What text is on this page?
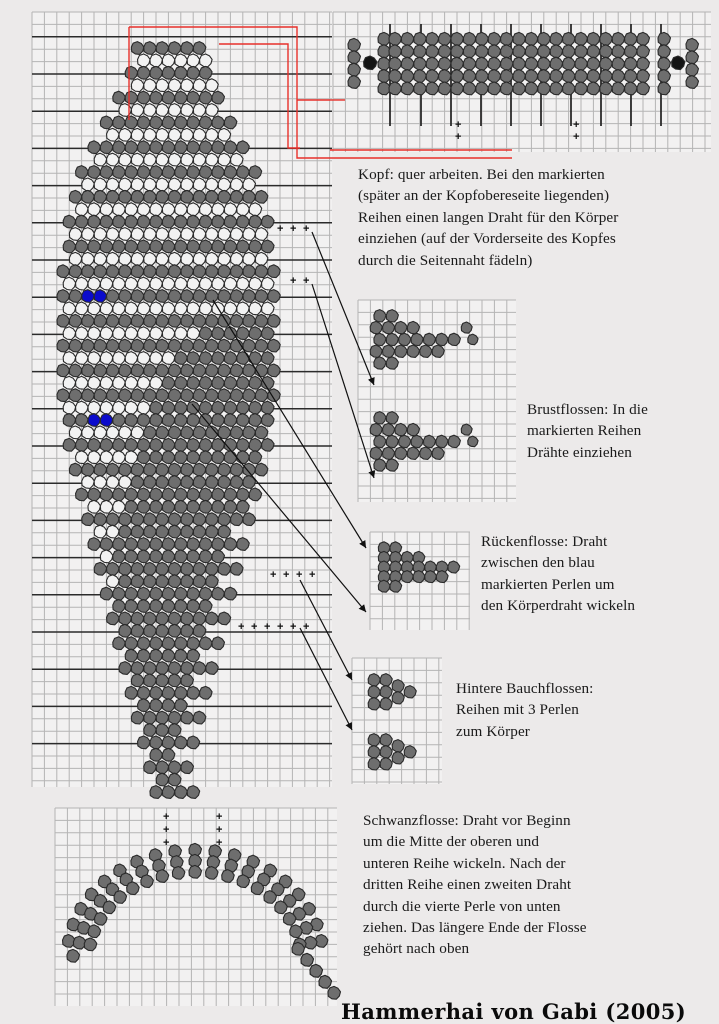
Kopf: quer arbeiten. Bei den markierten
(später an der Kopfobereseite liegenden)
Reihen einen langen Draht für den Körper
einziehen (auf der Vorderseite des Kopfes
durch die Seitennaht fädeln)
Brustflossen: In die
markierten Reihen
Drähte einziehen
Rückenflosse: Draht
zwischen den blau
markierten Perlen um
den Körperdraht wickeln
Hintere Bauchflossen:
Reihen mit 3 Perlen
zum Körper
Schwanzflosse: Draht vor Beginn
um die Mitte der oberen und
unteren Reihe wickeln. Nach der
dritten Reihe einen zweiten Draht
durch die vierte Perle von unten
ziehen. Das längere Ende der Flosse
gehört nach oben
Hammerhai von Gabi (2005)
+ + +
+ +
+ + + +
+ + + + + +
+
+
+
+
+
+
+
+
+
+
